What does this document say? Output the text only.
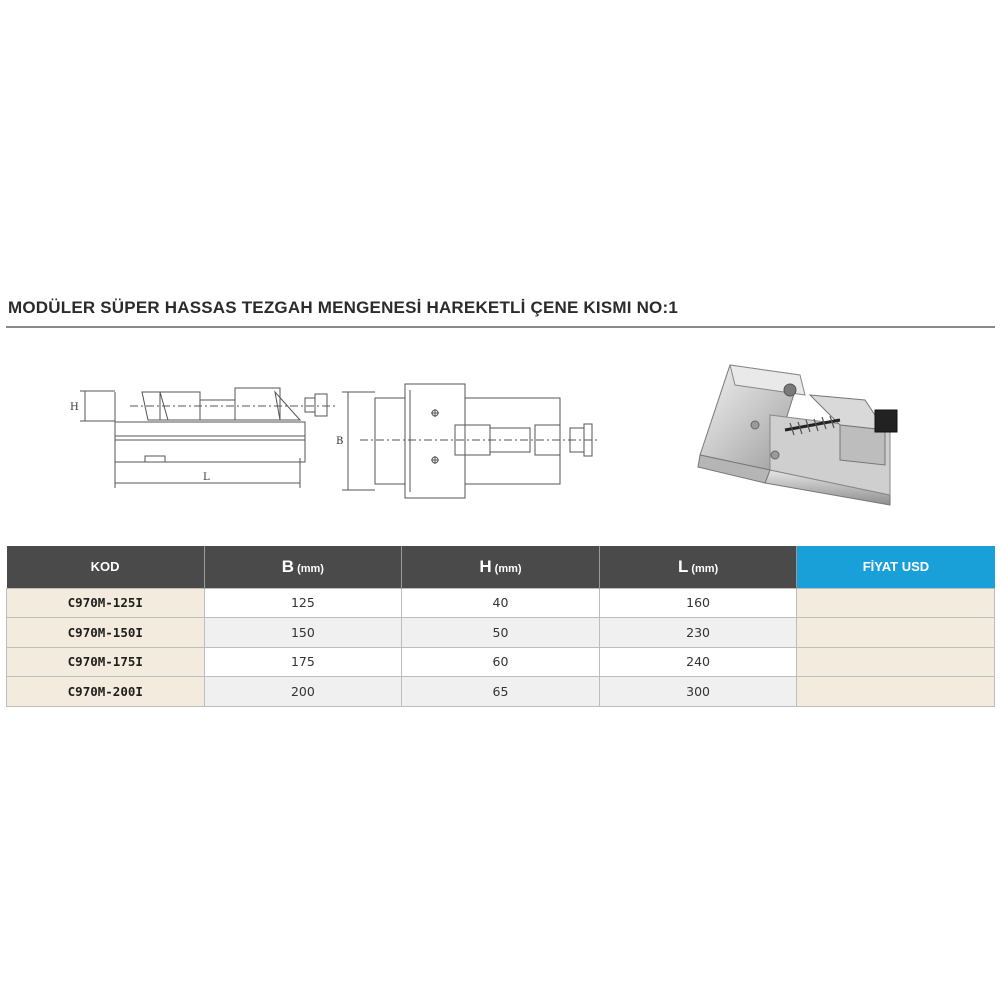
MODÜLER SÜPER HASSAS TEZGAH MENGENESİ HAREKETLİ ÇENE KISMI NO:1
H
L
B
KOD	B (mm)	H (mm)	L (mm)	FİYAT USD
C970M-125I	125	40	160	
C970M-150I	150	50	230	
C970M-175I	175	60	240	
C970M-200I	200	65	300	
